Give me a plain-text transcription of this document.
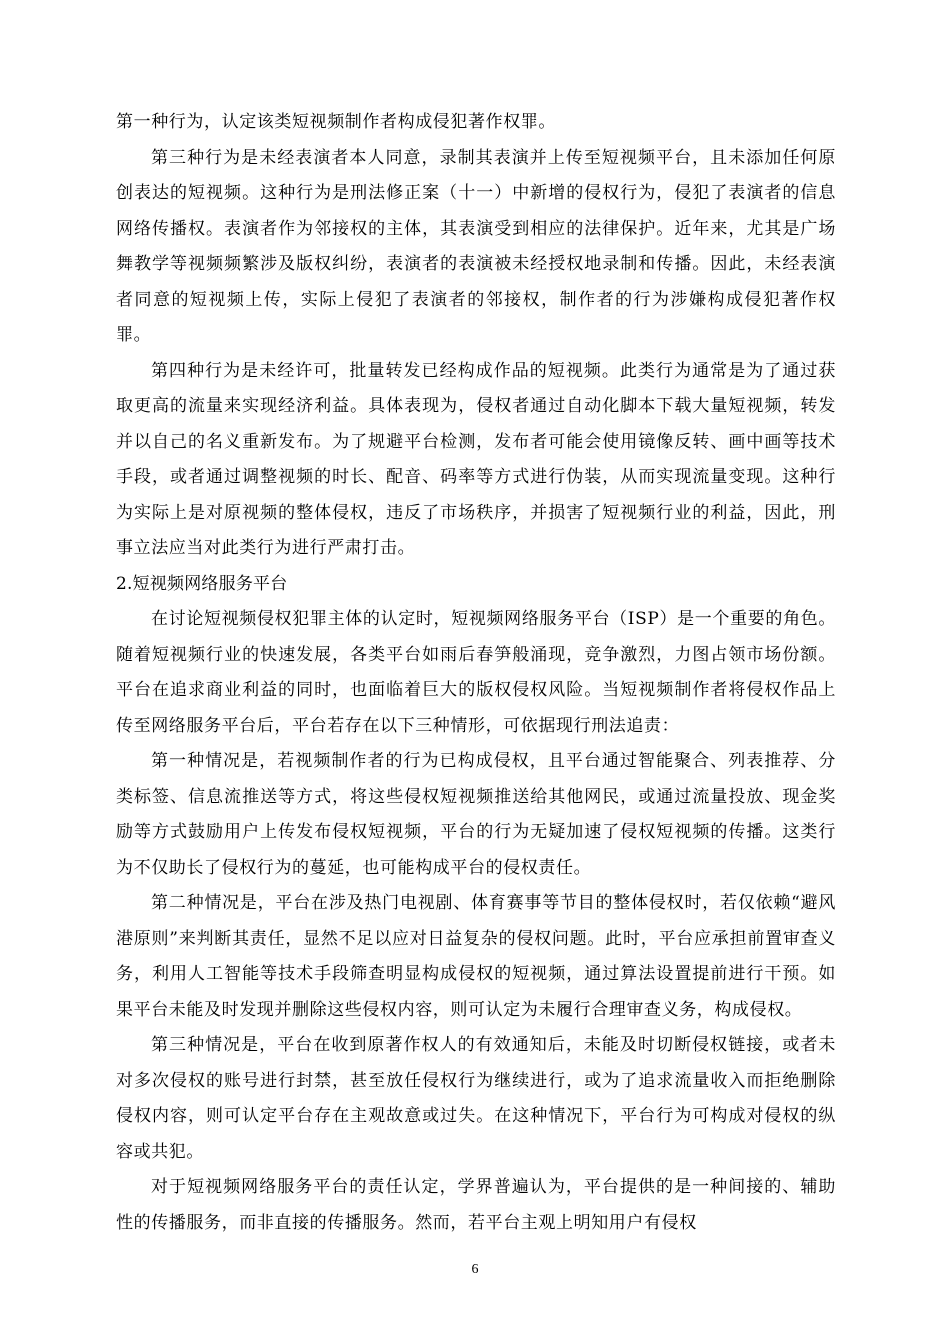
第一种行为，认定该类短视频制作者构成侵犯著作权罪。

第三种行为是未经表演者本人同意，录制其表演并上传至短视频平台，且未添加任何原创表达的短视频。这种行为是刑法修正案（十一）中新增的侵权行为，侵犯了表演者的信息网络传播权。表演者作为邻接权的主体，其表演受到相应的法律保护。近年来，尤其是广场舞教学等视频频繁涉及版权纠纷，表演者的表演被未经授权地录制和传播。因此，未经表演者同意的短视频上传，实际上侵犯了表演者的邻接权，制作者的行为涉嫌构成侵犯著作权罪。

第四种行为是未经许可，批量转发已经构成作品的短视频。此类行为通常是为了通过获取更高的流量来实现经济利益。具体表现为，侵权者通过自动化脚本下载大量短视频，转发并以自己的名义重新发布。为了规避平台检测，发布者可能会使用镜像反转、画中画等技术手段，或者通过调整视频的时长、配音、码率等方式进行伪装，从而实现流量变现。这种行为实际上是对原视频的整体侵权，违反了市场秩序，并损害了短视频行业的利益，因此，刑事立法应当对此类行为进行严肃打击。

2.短视频网络服务平台

在讨论短视频侵权犯罪主体的认定时，短视频网络服务平台（ISP）是一个重要的角色。随着短视频行业的快速发展，各类平台如雨后春笋般涌现，竞争激烈，力图占领市场份额。平台在追求商业利益的同时，也面临着巨大的版权侵权风险。当短视频制作者将侵权作品上传至网络服务平台后，平台若存在以下三种情形，可依据现行刑法追责：

第一种情况是，若视频制作者的行为已构成侵权，且平台通过智能聚合、列表推荐、分类标签、信息流推送等方式，将这些侵权短视频推送给其他网民，或通过流量投放、现金奖励等方式鼓励用户上传发布侵权短视频，平台的行为无疑加速了侵权短视频的传播。这类行为不仅助长了侵权行为的蔓延，也可能构成平台的侵权责任。

第二种情况是，平台在涉及热门电视剧、体育赛事等节目的整体侵权时，若仅依赖“避风港原则”来判断其责任，显然不足以应对日益复杂的侵权问题。此时，平台应承担前置审查义务，利用人工智能等技术手段筛查明显构成侵权的短视频，通过算法设置提前进行干预。如果平台未能及时发现并删除这些侵权内容，则可认定为未履行合理审查义务，构成侵权。

第三种情况是，平台在收到原著作权人的有效通知后，未能及时切断侵权链接，或者未对多次侵权的账号进行封禁，甚至放任侵权行为继续进行，或为了追求流量收入而拒绝删除侵权内容，则可认定平台存在主观故意或过失。在这种情况下，平台行为可构成对侵权的纵容或共犯。

对于短视频网络服务平台的责任认定，学界普遍认为，平台提供的是一种间接的、辅助性的传播服务，而非直接的传播服务。然而，若平台主观上明知用户有侵权

6
